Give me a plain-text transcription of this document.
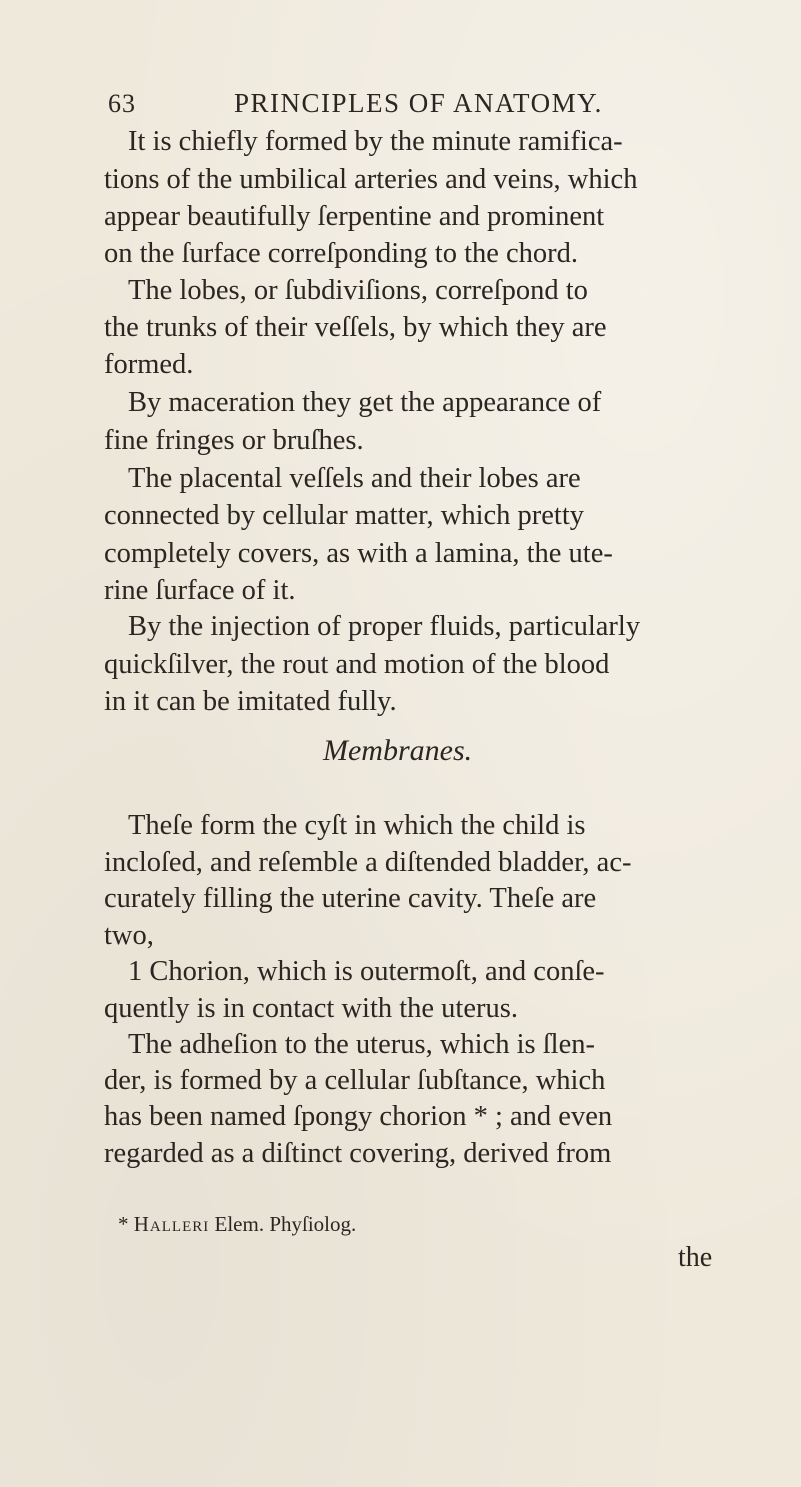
63	PRINCIPLES OF ANATOMY.
It is chiefly formed by the minute ramifica-
tions of the umbilical arteries and veins, which
appear beautifully ſerpentine and prominent
on the ſurface correſponding to the chord.
The lobes, or ſubdiviſions, correſpond to
the trunks of their veſſels, by which they are
formed.
By maceration they get the appearance of
fine fringes or bruſhes.
The placental veſſels and their lobes are
connected by cellular matter, which pretty
completely covers, as with a lamina, the ute-
rine ſurface of it.
By the injection of proper fluids, particularly
quickſilver, the rout and motion of the blood
in it can be imitated fully.
Membranes.
Theſe form the cyſt in which the child is
incloſed, and reſemble a diſtended bladder, ac-
curately filling the uterine cavity. Theſe are
two,
1 Chorion, which is outermoſt, and conſe-
quently is in contact with the uterus.
The adheſion to the uterus, which is ſlen-
der, is formed by a cellular ſubſtance, which
has been named ſpongy chorion * ; and even
regarded as a diſtinct covering, derived from
* Halleri Elem. Phyſiolog.
the
